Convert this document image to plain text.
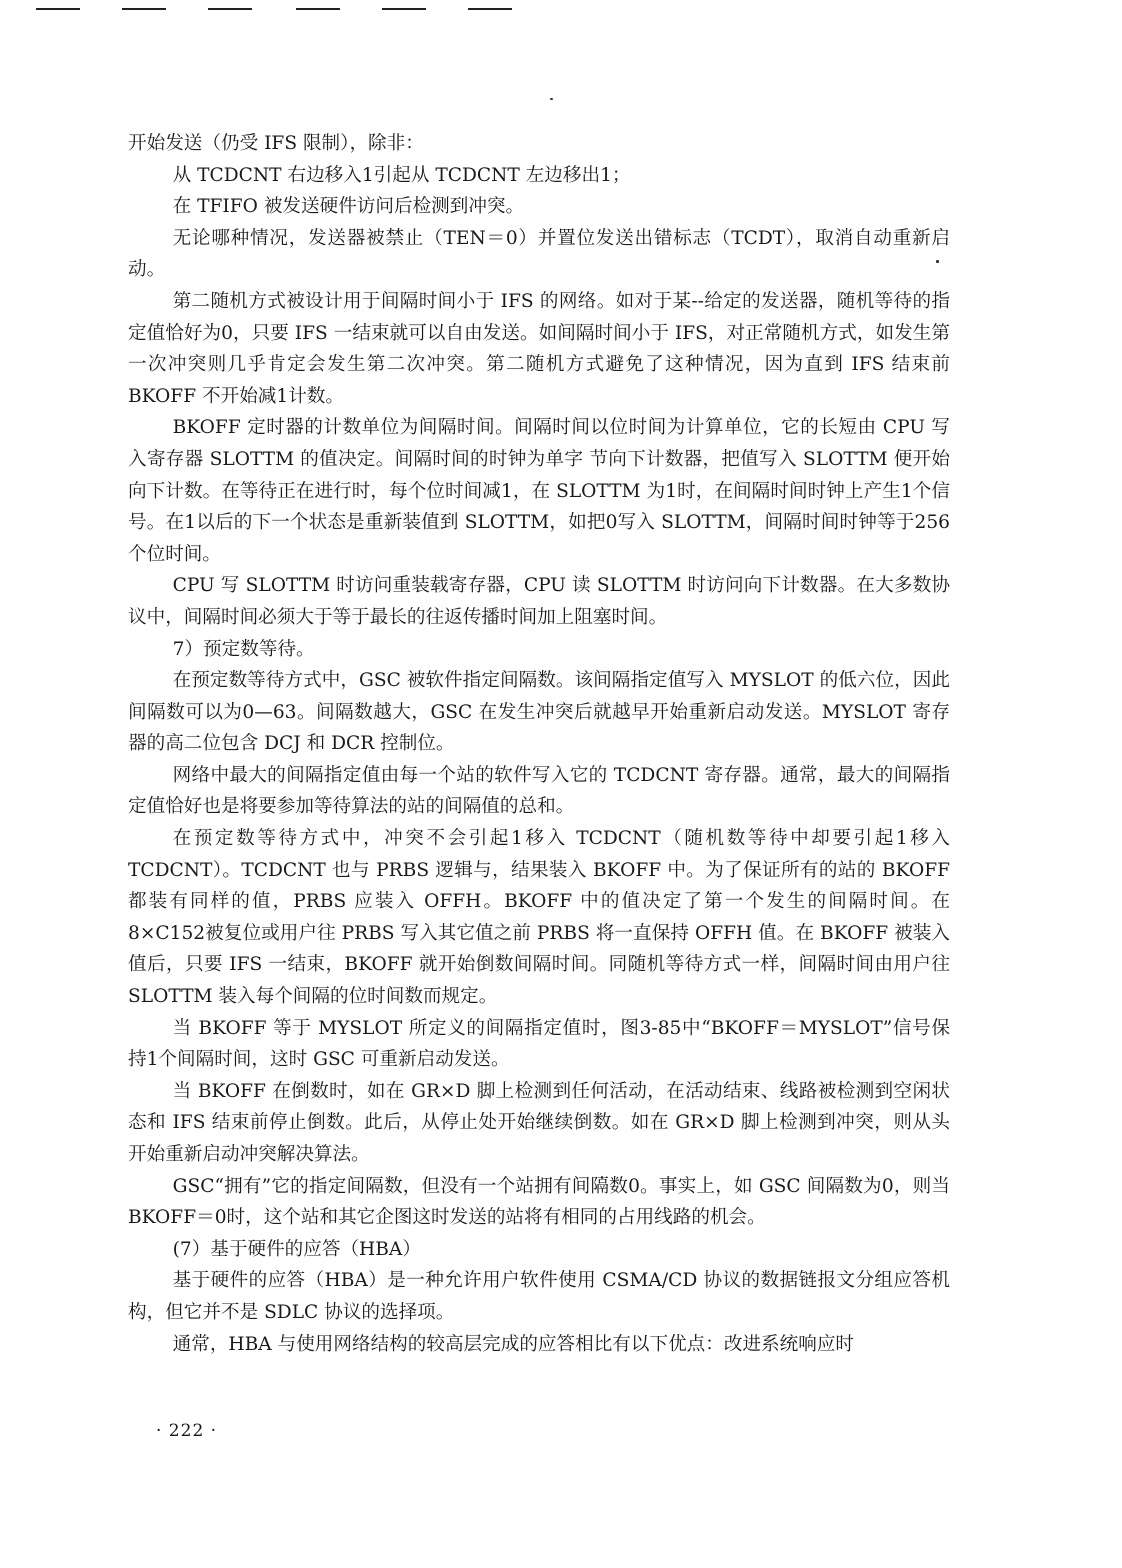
开始发送（仍受 IFS 限制），除非：

从 TCDCNT 右边移入1引起从 TCDCNT 左边移出1；

在 TFIFO 被发送硬件访问后检测到冲突。

无论哪种情况，发送器被禁止（TEN＝0）并置位发送出错标志（TCDT），取消自动重新启动。

第二随机方式被设计用于间隔时间小于 IFS 的网络。如对于某--给定的发送器，随机等待的指定值恰好为0，只要 IFS 一结束就可以自由发送。如间隔时间小于 IFS，对正常随机方式，如发生第一次冲突则几乎肯定会发生第二次冲突。第二随机方式避免了这种情况，因为直到 IFS 结束前 BKOFF 不开始减1计数。

BKOFF 定时器的计数单位为间隔时间。间隔时间以位时间为计算单位，它的长短由 CPU 写入寄存器 SLOTTM 的值决定。间隔时间的时钟为单字 节向下计数器，把值写入 SLOTTM 便开始向下计数。在等待正在进行时，每个位时间减1，在 SLOTTM 为1时，在间隔时间时钟上产生1个信号。在1以后的下一个状态是重新装值到 SLOTTM，如把0写入 SLOTTM，间隔时间时钟等于256个位时间。

CPU 写 SLOTTM 时访问重装载寄存器，CPU 读 SLOTTM 时访问向下计数器。在大多数协议中，间隔时间必须大于等于最长的往返传播时间加上阻塞时间。

7）预定数等待。

在预定数等待方式中，GSC 被软件指定间隔数。该间隔指定值写入 MYSLOT 的低六位，因此间隔数可以为0—63。间隔数越大，GSC 在发生冲突后就越早开始重新启动发送。MYSLOT 寄存器的高二位包含 DCJ 和 DCR 控制位。

网络中最大的间隔指定值由每一个站的软件写入它的 TCDCNT 寄存器。通常，最大的间隔指定值恰好也是将要参加等待算法的站的间隔值的总和。

在预定数等待方式中，冲突不会引起1移入 TCDCNT（随机数等待中却要引起1移入 TCDCNT）。TCDCNT 也与 PRBS 逻辑与，结果装入 BKOFF 中。为了保证所有的站的 BKOFF 都装有同样的值，PRBS 应装入 OFFH。BKOFF 中的值决定了第一个发生的间隔时间。在8×C152被复位或用户往 PRBS 写入其它值之前 PRBS 将一直保持 OFFH 值。在 BKOFF 被装入值后，只要 IFS 一结束，BKOFF 就开始倒数间隔时间。同随机等待方式一样，间隔时间由用户往 SLOTTM 装入每个间隔的位时间数而规定。

当 BKOFF 等于 MYSLOT 所定义的间隔指定值时，图3-85中“BKOFF＝MYSLOT”信号保持1个间隔时间，这时 GSC 可重新启动发送。

当 BKOFF 在倒数时，如在 GR×D 脚上检测到任何活动，在活动结束、线路被检测到空闲状态和 IFS 结束前停止倒数。此后，从停止处开始继续倒数。如在 GR×D 脚上检测到冲突，则从头开始重新启动冲突解决算法。

GSC“拥有”它的指定间隔数，但没有一个站拥有间隔数0。事实上，如 GSC 间隔数为0，则当 BKOFF＝0时，这个站和其它企图这时发送的站将有相同的占用线路的机会。

(7）基于硬件的应答（HBA）

基于硬件的应答（HBA）是一种允许用户软件使用 CSMA/CD 协议的数据链报文分组应答机构，但它并不是 SDLC 协议的选择项。

通常，HBA 与使用网络结构的较高层完成的应答相比有以下优点：改进系统响应时

· 222 ·
